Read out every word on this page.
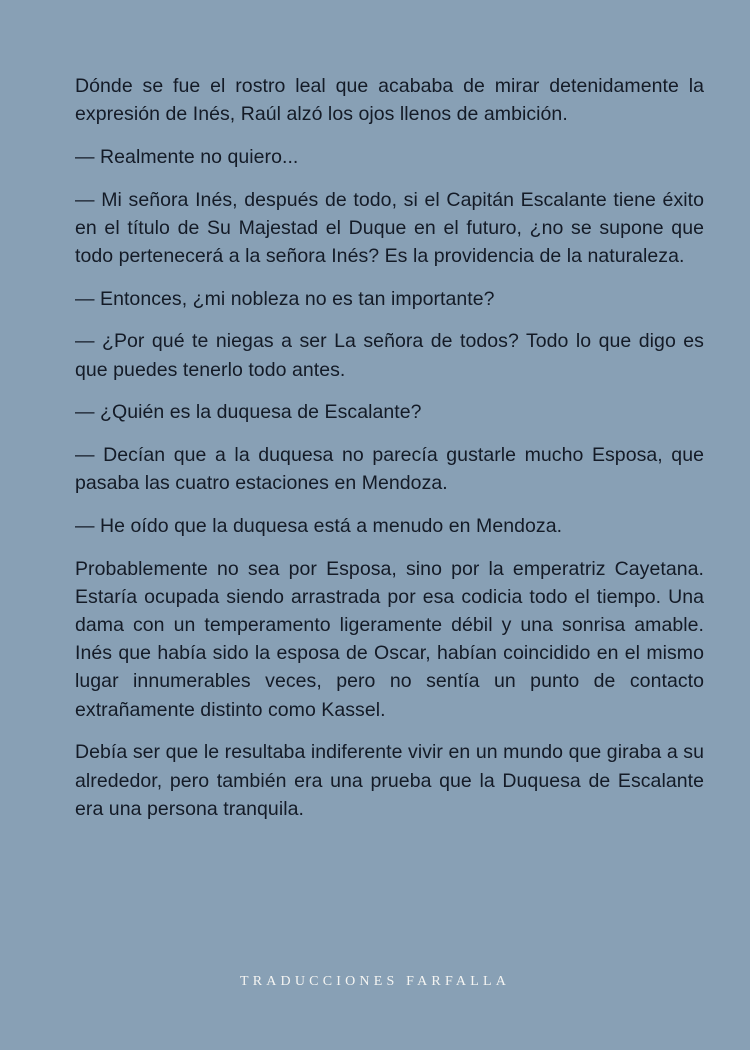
Dónde se fue el rostro leal que acababa de mirar detenidamente la expresión de Inés, Raúl alzó los ojos llenos de ambición.

— Realmente no quiero...

— Mi señora Inés, después de todo, si el Capitán Escalante tiene éxito en el título de Su Majestad el Duque en el futuro, ¿no se supone que todo pertenecerá a la señora Inés? Es la providencia de la naturaleza.

— Entonces, ¿mi nobleza no es tan importante?

— ¿Por qué te niegas a ser La señora de todos? Todo lo que digo es que puedes tenerlo todo antes.

— ¿Quién es la duquesa de Escalante?

— Decían que a la duquesa no parecía gustarle mucho Esposa, que pasaba las cuatro estaciones en Mendoza.

— He oído que la duquesa está a menudo en Mendoza.

Probablemente no sea por Esposa, sino por la emperatriz Cayetana. Estaría ocupada siendo arrastrada por esa codicia todo el tiempo. Una dama con un temperamento ligeramente débil y una sonrisa amable. Inés que había sido la esposa de Oscar, habían coincidido en el mismo lugar innumerables veces, pero no sentía un punto de contacto extrañamente distinto como Kassel.

Debía ser que le resultaba indiferente vivir en un mundo que giraba a su alrededor, pero también era una prueba que la Duquesa de Escalante era una persona tranquila.

TRADUCCIONES FARFALLA
